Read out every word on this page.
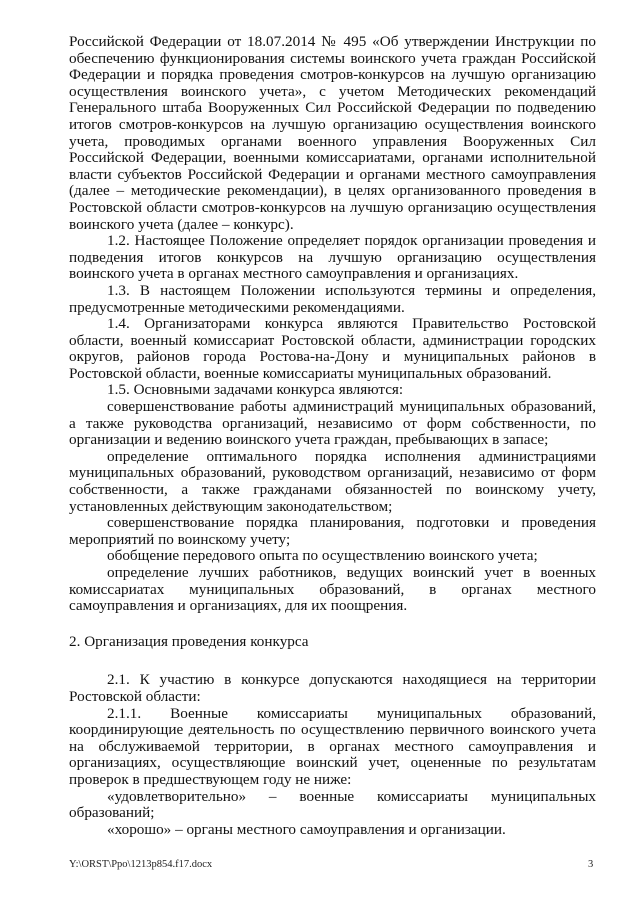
Российской Федерации от 18.07.2014 № 495 «Об утверждении Инструкции по обеспечению функционирования системы воинского учета граждан Российской Федерации и порядка проведения смотров-конкурсов на лучшую организацию осуществления воинского учета», с учетом Методических рекомендаций Генерального штаба Вооруженных Сил Российской Федерации по подведению итогов смотров-конкурсов на лучшую организацию осуществления воинского учета, проводимых органами военного управления Вооруженных Сил Российской Федерации, военными комиссариатами, органами исполнительной власти субъектов Российской Федерации и органами местного самоуправления (далее – методические рекомендации), в целях организованного проведения в Ростовской области смотров-конкурсов на лучшую организацию осуществления воинского учета (далее – конкурс).

1.2. Настоящее Положение определяет порядок организации проведения и подведения итогов конкурсов на лучшую организацию осуществления воинского учета в органах местного самоуправления и организациях.

1.3. В настоящем Положении используются термины и определения, предусмотренные методическими рекомендациями.

1.4. Организаторами конкурса являются Правительство Ростовской области, военный комиссариат Ростовской области, администрации городских округов, районов города Ростова-на-Дону и муниципальных районов в Ростовской области, военные комиссариаты муниципальных образований.

1.5. Основными задачами конкурса являются:

совершенствование работы администраций муниципальных образований, а также руководства организаций, независимо от форм собственности, по организации и ведению воинского учета граждан, пребывающих в запасе;

определение оптимального порядка исполнения администрациями муниципальных образований, руководством организаций, независимо от форм собственности, а также гражданами обязанностей по воинскому учету, установленных действующим законодательством;

совершенствование порядка планирования, подготовки и проведения мероприятий по воинскому учету;

обобщение передового опыта по осуществлению воинского учета;

определение лучших работников, ведущих воинский учет в военных комиссариатах муниципальных образований, в органах местного самоуправления и организациях, для их поощрения.

2. Организация проведения конкурса

2.1. К участию в конкурсе допускаются находящиеся на территории Ростовской области:

2.1.1. Военные комиссариаты муниципальных образований, координирующие деятельность по осуществлению первичного воинского учета на обслуживаемой территории, в органах местного самоуправления и организациях, осуществляющие воинский учет, оцененные по результатам проверок в предшествующем году не ниже:

«удовлетворительно» – военные комиссариаты муниципальных образований;

«хорошо» – органы местного самоуправления и организации.

Y:\ORST\Ppo\1213p854.f17.docx	3
